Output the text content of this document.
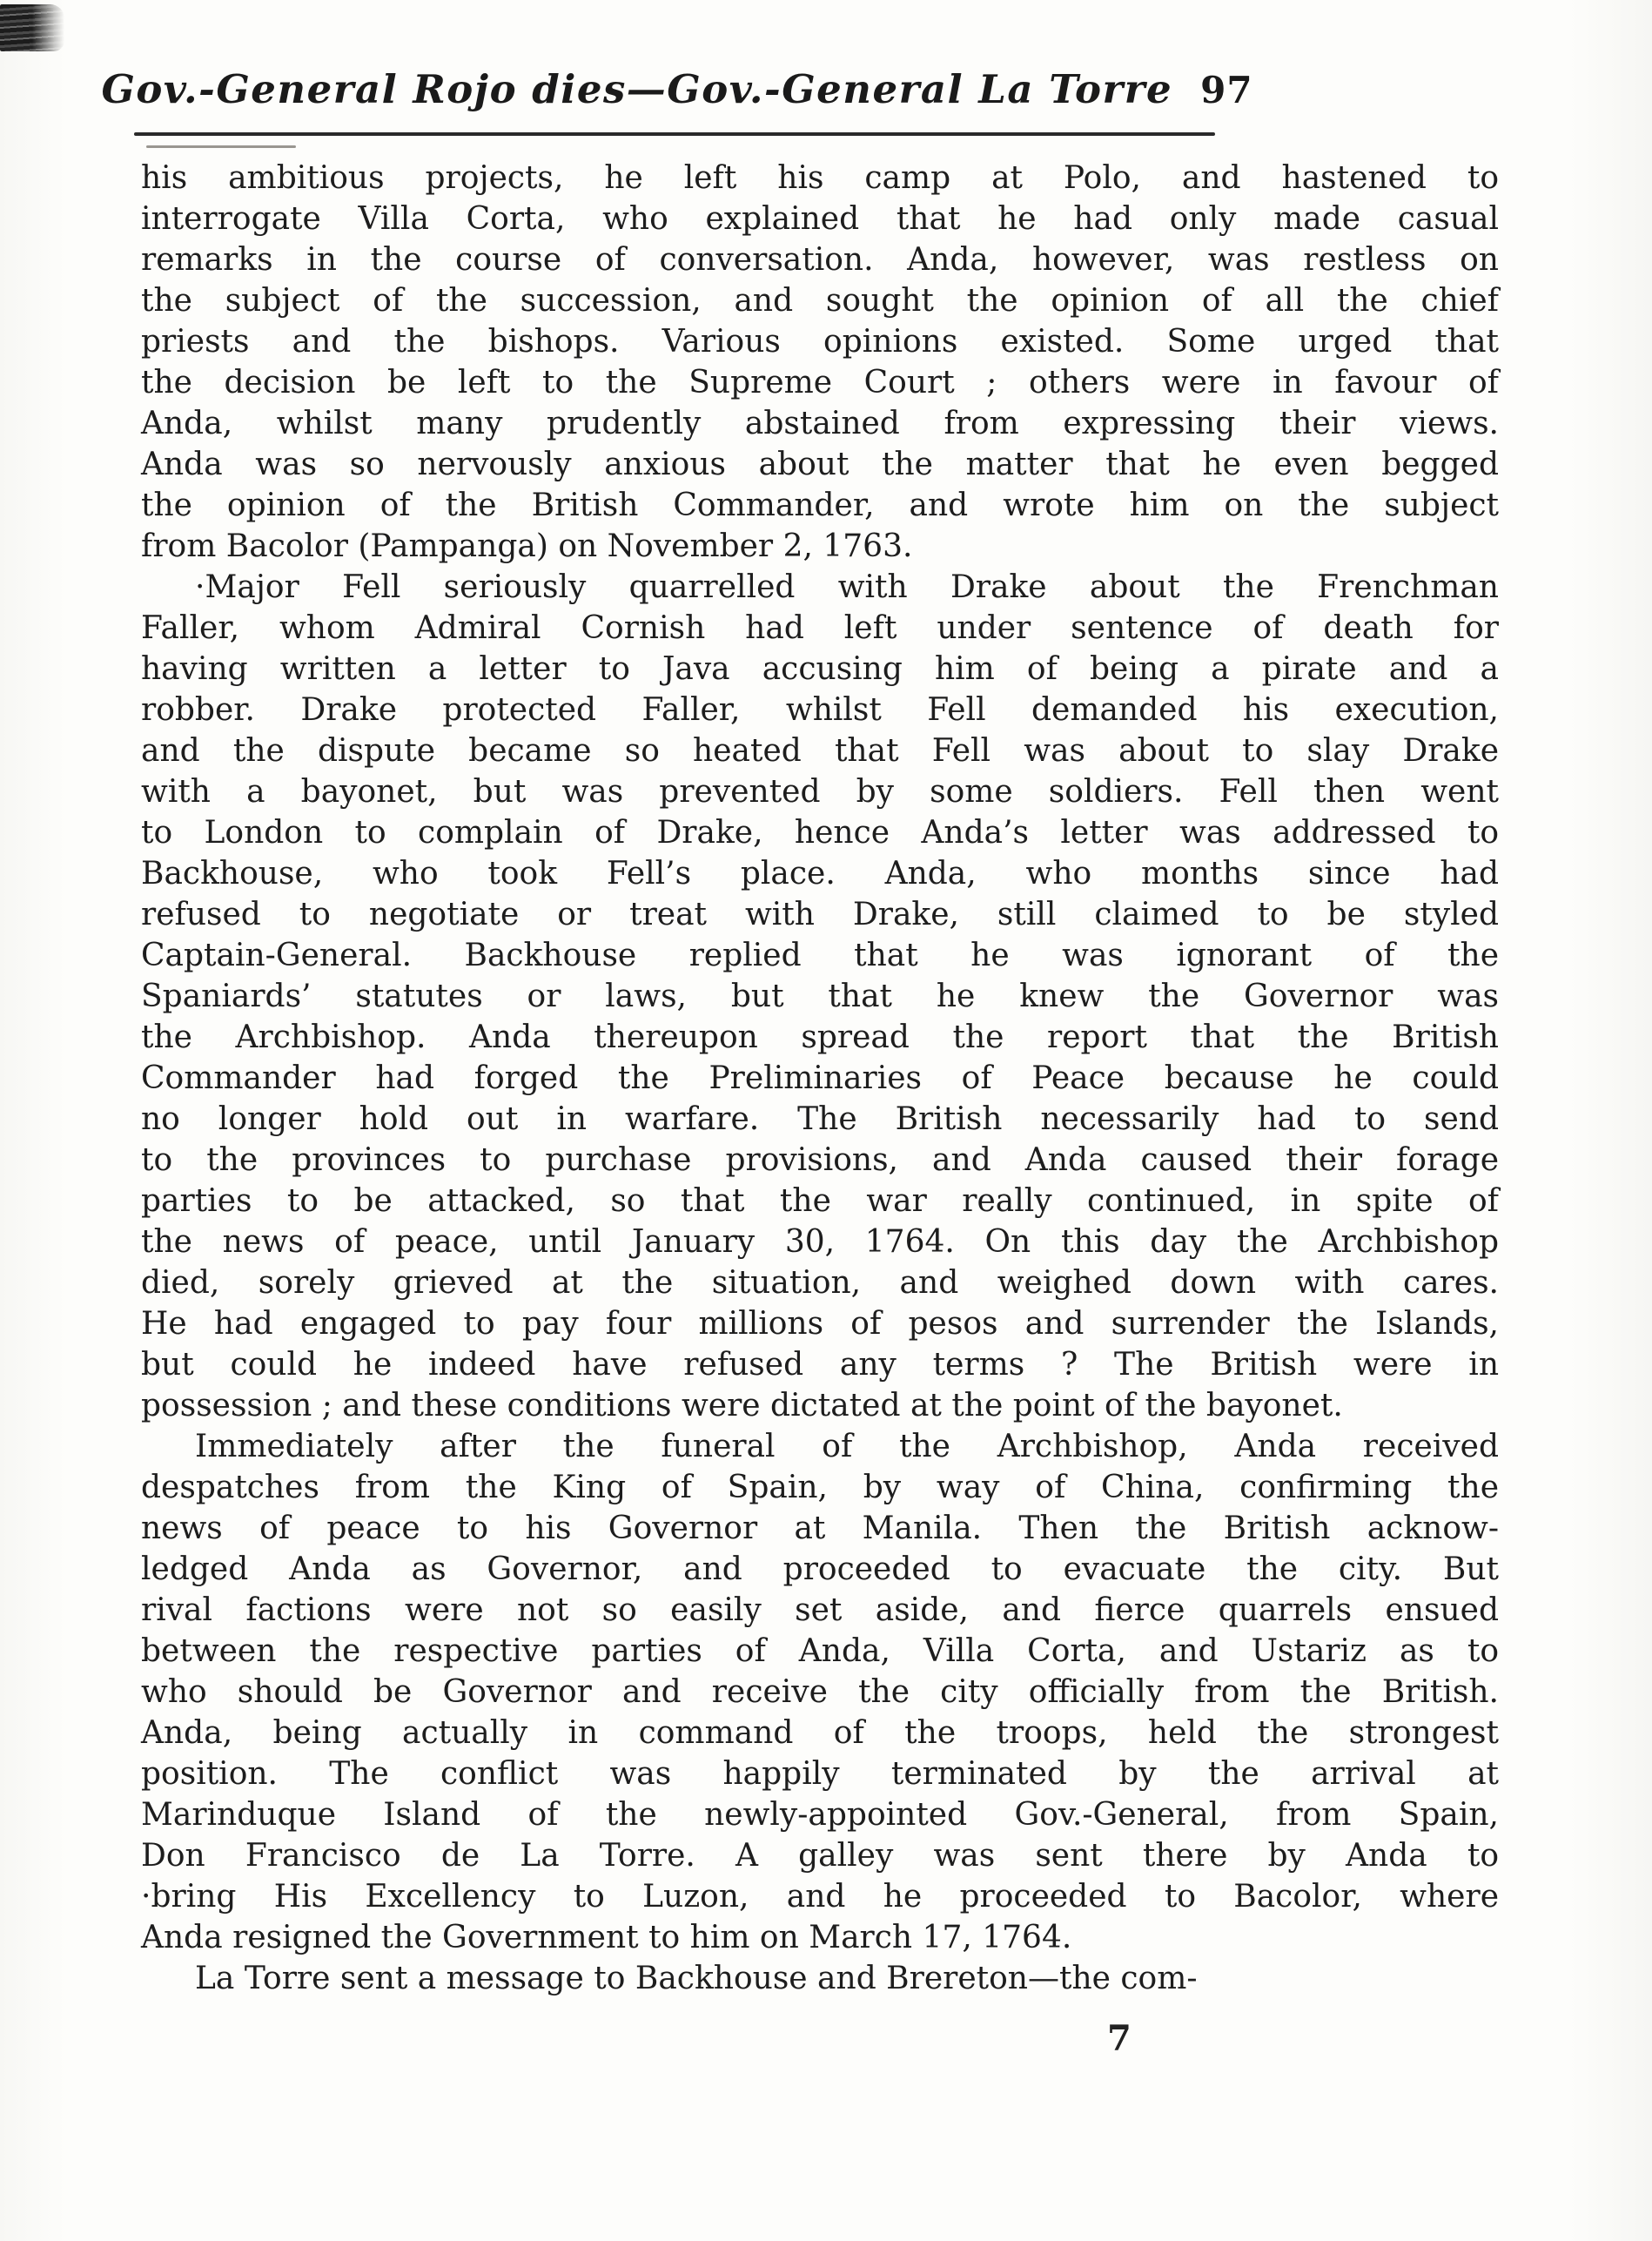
Gov.-General Rojo dies—Gov.-General La Torre 97
his ambitious projects, he left his camp at Polo, and hastened to
interrogate Villa Corta, who explained that he had only made casual
remarks in the course of conversation. Anda, however, was restless on
the subject of the succession, and sought the opinion of all the chief
priests and the bishops. Various opinions existed. Some urged that
the decision be left to the Supreme Court ; others were in favour of
Anda, whilst many prudently abstained from expressing their views.
Anda was so nervously anxious about the matter that he even begged
the opinion of the British Commander, and wrote him on the subject
from Bacolor (Pampanga) on November 2, 1763.
·Major Fell seriously quarrelled with Drake about the Frenchman
Faller, whom Admiral Cornish had left under sentence of death for
having written a letter to Java accusing him of being a pirate and a
robber. Drake protected Faller, whilst Fell demanded his execution,
and the dispute became so heated that Fell was about to slay Drake
with a bayonet, but was prevented by some soldiers. Fell then went
to London to complain of Drake, hence Anda’s letter was addressed to
Backhouse, who took Fell’s place. Anda, who months since had
refused to negotiate or treat with Drake, still claimed to be styled
Captain-General. Backhouse replied that he was ignorant of the
Spaniards’ statutes or laws, but that he knew the Governor was
the Archbishop. Anda thereupon spread the report that the British
Commander had forged the Preliminaries of Peace because he could
no longer hold out in warfare. The British necessarily had to send
to the provinces to purchase provisions, and Anda caused their forage
parties to be attacked, so that the war really continued, in spite of
the news of peace, until January 30, 1764. On this day the Archbishop
died, sorely grieved at the situation, and weighed down with cares.
He had engaged to pay four millions of pesos and surrender the Islands,
but could he indeed have refused any terms ? The British were in
possession ; and these conditions were dictated at the point of the bayonet.
Immediately after the funeral of the Archbishop, Anda received
despatches from the King of Spain, by way of China, confirming the
news of peace to his Governor at Manila. Then the British acknow-
ledged Anda as Governor, and proceeded to evacuate the city. But
rival factions were not so easily set aside, and fierce quarrels ensued
between the respective parties of Anda, Villa Corta, and Ustariz as to
who should be Governor and receive the city officially from the British.
Anda, being actually in command of the troops, held the strongest
position. The conflict was happily terminated by the arrival at
Marinduque Island of the newly-appointed Gov.-General, from Spain,
Don Francisco de La Torre. A galley was sent there by Anda to
·bring His Excellency to Luzon, and he proceeded to Bacolor, where
Anda resigned the Government to him on March 17, 1764.
La Torre sent a message to Backhouse and Brereton—the com-
7
